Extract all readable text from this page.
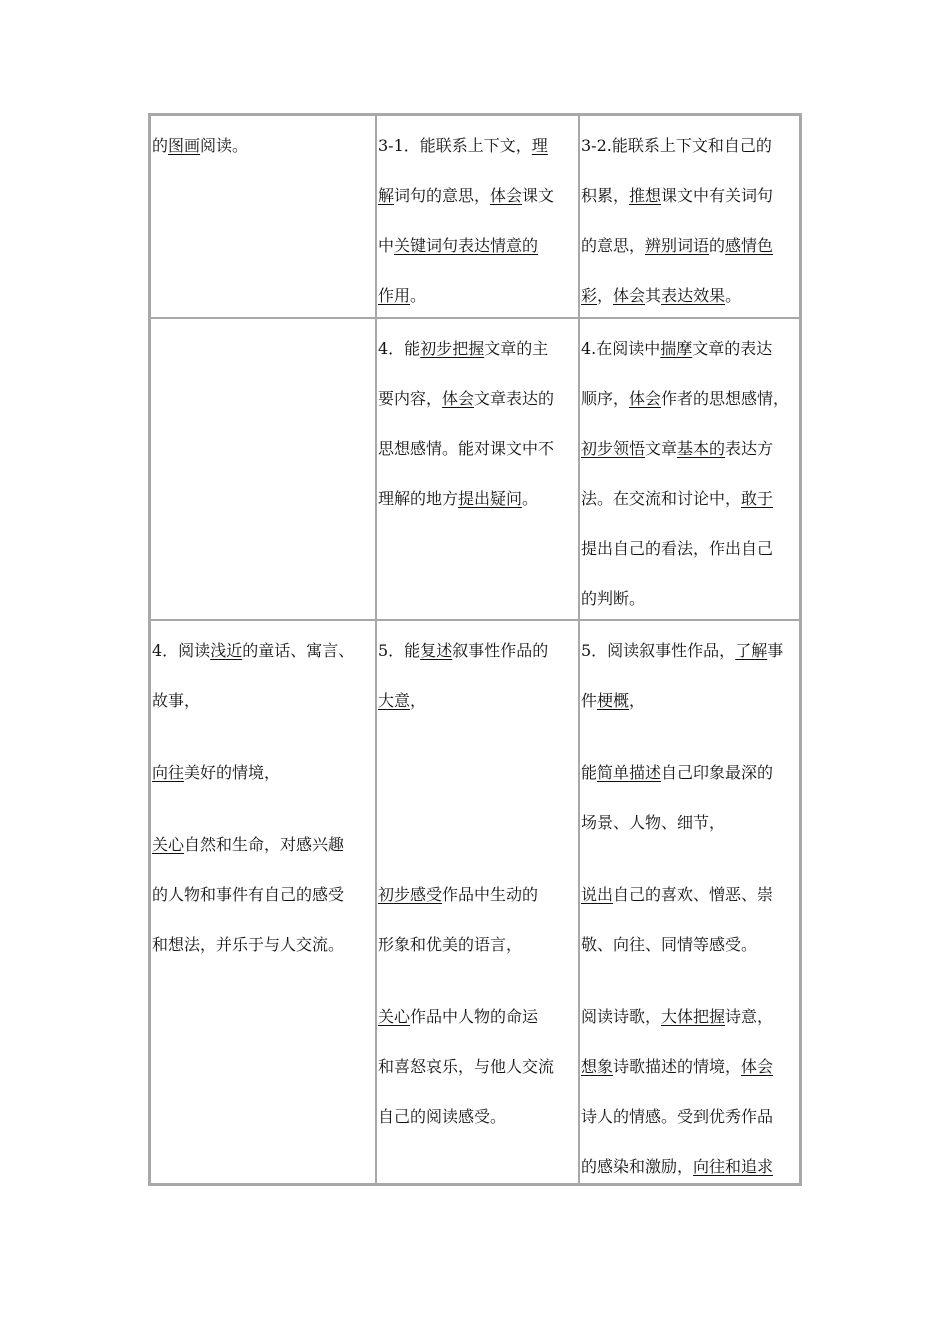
的图画阅读。	3-1．能联系上下文，理
解词句的意思，体会课文
中关键词句表达情意的
作用。
3-2.能联系上下文和自己的
积累，推想课文中有关词句
的意思，辨别词语的感情色
彩，体会其表达效果。
4．能初步把握文章的主
要内容，体会文章表达的
思想感情。能对课文中不
理解的地方提出疑问。
4.在阅读中揣摩文章的表达
顺序，体会作者的思想感情，
初步领悟文章基本的表达方
法。在交流和讨论中，敢于
提出自己的看法，作出自己
的判断。
4．阅读浅近的童话、寓言、
故事，
向往美好的情境，
关心自然和生命，对感兴趣
的人物和事件有自己的感受
和想法，并乐于与人交流。
5．能复述叙事性作品的
大意，
初步感受作品中生动的
形象和优美的语言，
关心作品中人物的命运
和喜怒哀乐，与他人交流
自己的阅读感受。
5．阅读叙事性作品，了解事
件梗概，
能简单描述自己印象最深的
场景、人物、细节，
说出自己的喜欢、憎恶、崇
敬、向往、同情等感受。
阅读诗歌，大体把握诗意，
想象诗歌描述的情境，体会
诗人的情感。受到优秀作品
的感染和激励，向往和追求
